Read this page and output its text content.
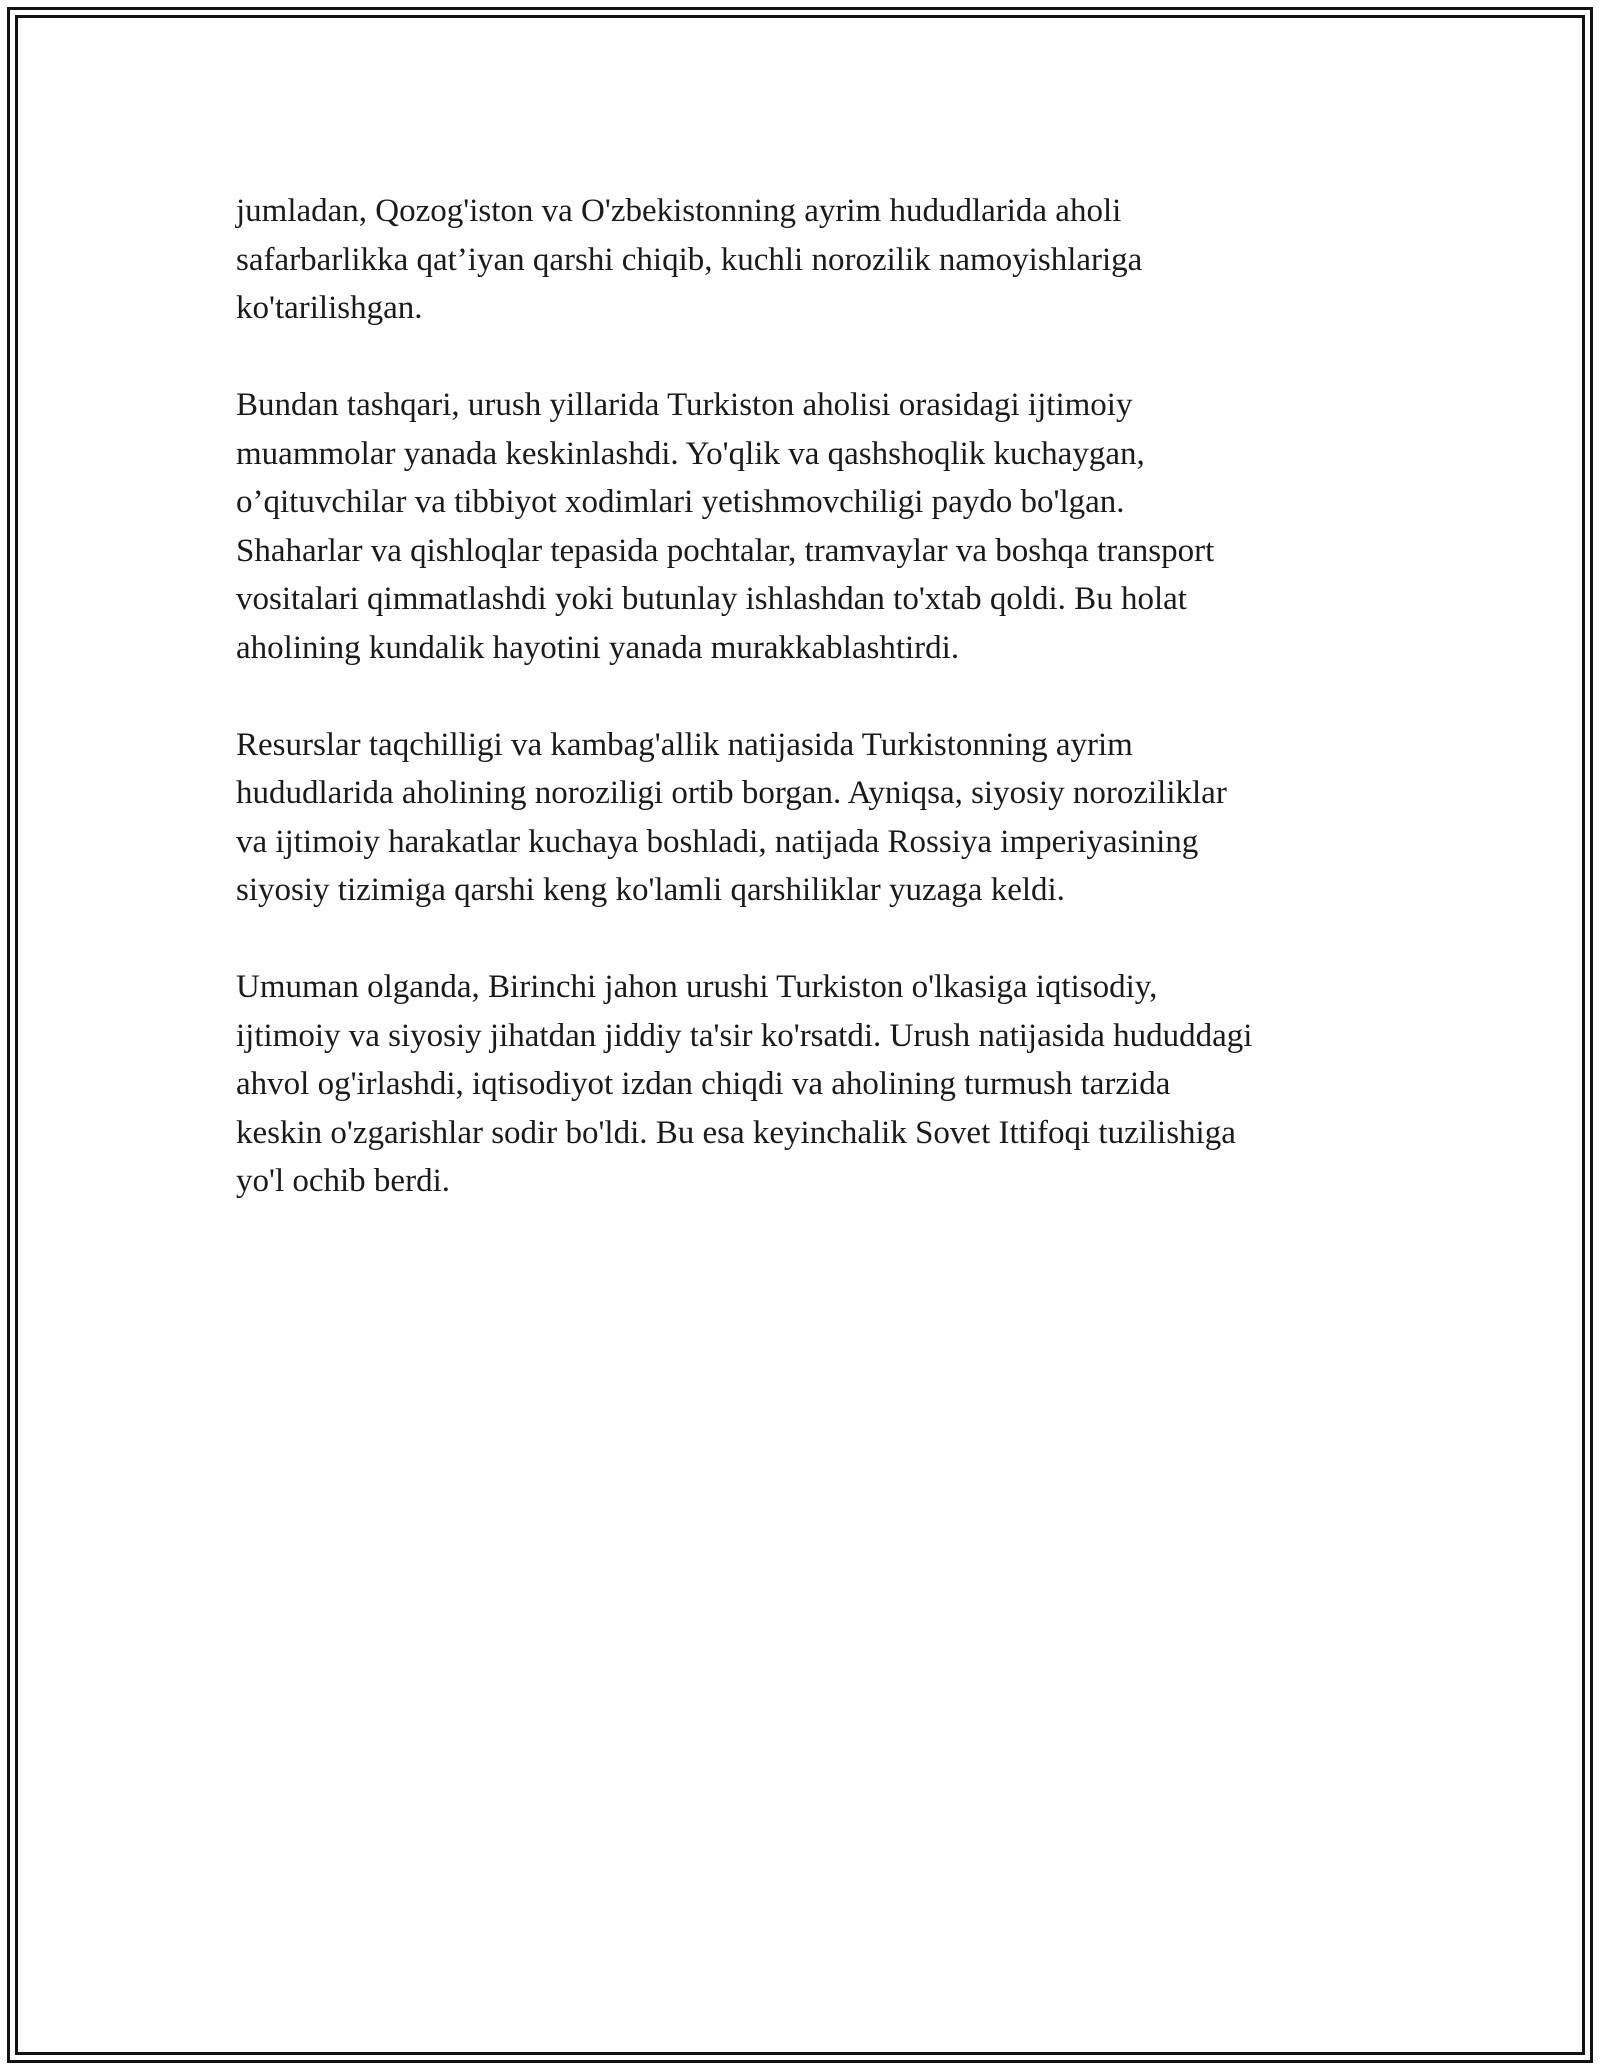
jumladan, Qozog'iston va O'zbekistonning ayrim hududlarida aholi
safarbarlikka qat’iyan qarshi chiqib, kuchli norozilik namoyishlariga
ko'tarilishgan.

Bundan tashqari, urush yillarida Turkiston aholisi orasidagi ijtimoiy
muammolar yanada keskinlashdi. Yo'qlik va qashshoqlik kuchaygan,
o’qituvchilar va tibbiyot xodimlari yetishmovchiligi paydo bo'lgan.
Shaharlar va qishloqlar tepasida pochtalar, tramvaylar va boshqa transport
vositalari qimmatlashdi yoki butunlay ishlashdan to'xtab qoldi. Bu holat
aholining kundalik hayotini yanada murakkablashtirdi.

Resurslar taqchilligi va kambag'allik natijasida Turkistonning ayrim
hududlarida aholining noroziligi ortib borgan. Ayniqsa, siyosiy noroziliklar
va ijtimoiy harakatlar kuchaya boshladi, natijada Rossiya imperiyasining
siyosiy tizimiga qarshi keng ko'lamli qarshiliklar yuzaga keldi.

Umuman olganda, Birinchi jahon urushi Turkiston o'lkasiga iqtisodiy,
ijtimoiy va siyosiy jihatdan jiddiy ta'sir ko'rsatdi. Urush natijasida hududdagi
ahvol og'irlashdi, iqtisodiyot izdan chiqdi va aholining turmush tarzida
keskin o'zgarishlar sodir bo'ldi. Bu esa keyinchalik Sovet Ittifoqi tuzilishiga
yo'l ochib berdi.
